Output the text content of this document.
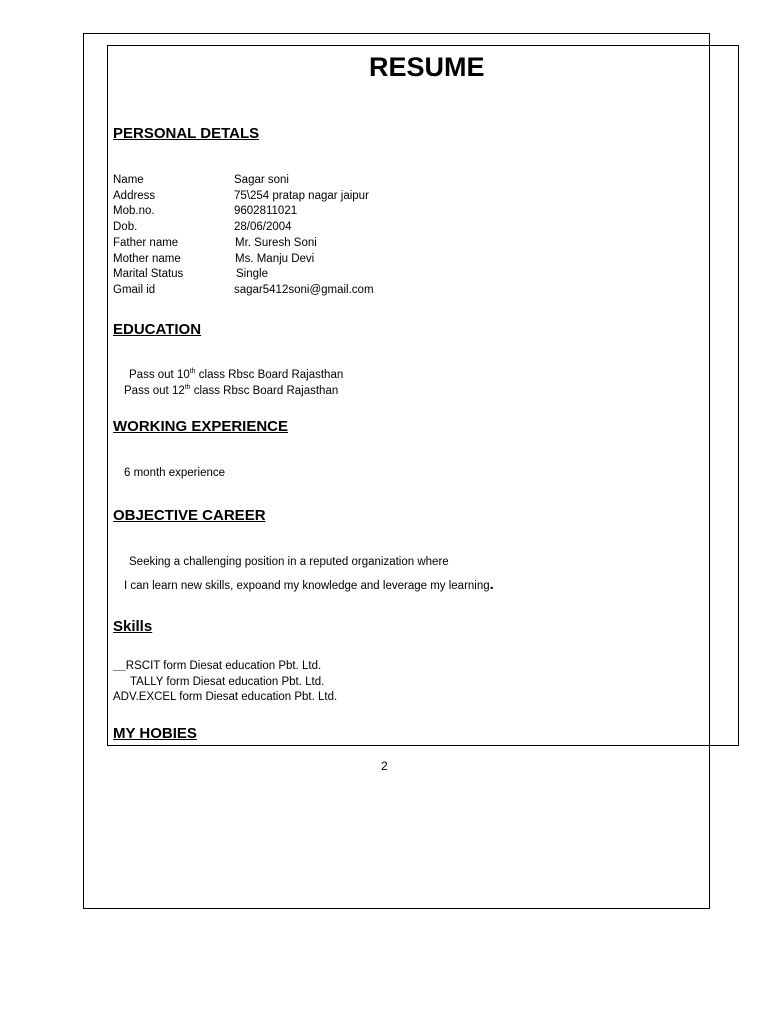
RESUME
PERSONAL DETALS
Name	Sagar soni
Address	75\254 pratap nagar jaipur
Mob.no.	9602811021
Dob.	28/06/2004
Father name	Mr. Suresh Soni
Mother name	Ms. Manju Devi
Marital Status	Single
Gmail id	sagar5412soni@gmail.com
EDUCATION
Pass out 10th class Rbsc Board Rajasthan
Pass out 12th class Rbsc Board Rajasthan
WORKING EXPERIENCE
6 month experience
OBJECTIVE CAREER
Seeking a challenging position in a reputed organization where
I can learn new skills, expoand my knowledge and leverage my learning.
Skills
__RSCIT form Diesat education Pbt. Ltd.
TALLY form Diesat education Pbt. Ltd.
ADV.EXCEL form Diesat education Pbt. Ltd.
MY HOBIES
2
